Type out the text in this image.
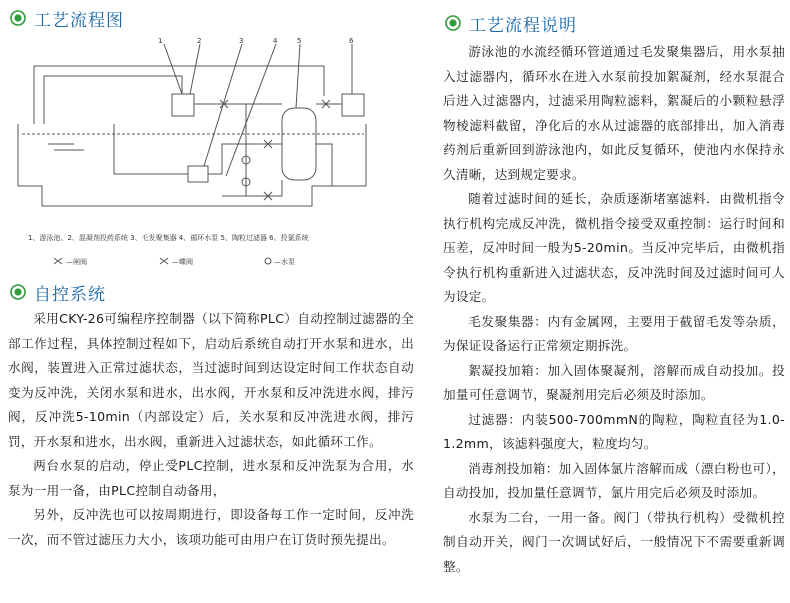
工艺流程图
1	2	3	4	5	6
1、游泳池、2、混凝剂投药系统 3、毛发聚集器 4、循环水泵 5、陶粒过滤器 6、投氯系统
—闸阀	—蝶阀	—水泵
自控系统

采用CKY-26可编程序控制器（以下简称PLC）自动控制过滤器的全部工作过程，具体控制过程如下，启动后系统自动打开水泵和进水，出水阀，装置进入正常过滤状态，当过滤时间到达设定时间工作状态自动变为反冲洗，关闭水泵和进水，出水阀，开水泵和反冲洗进水阀，排污阀，反冲洗5-10min（内部设定）后，关水泵和反冲洗进水阀，排污罚，开水泵和进水，出水阀，重新进入过滤状态，如此循环工作。

两台水泵的启动，停止受PLC控制，进水泵和反冲洗泵为合用，水泵为一用一备，由PLC控制自动备用，

另外，反冲洗也可以按周期进行，即设备每工作一定时间，反冲洗一次，而不管过滤压力大小，该项功能可由用户在订货时预先提出。

工艺流程说明

游泳池的水流经循环管道通过毛发聚集器后，用水泵抽入过滤器内，循环水在进入水泵前投加絮凝剂，经水泵混合后进入过滤器内，过滤采用陶粒滤料，絮凝后的小颗粒悬浮物棱滤料截留，净化后的水从过滤器的底部排出，加入消毒药剂后重新回到游泳池内，如此反复循环，使池内水保持永久清晰，达到规定要求。

随着过滤时间的延长，杂质逐渐堵塞滤料．由微机指令执行机构完成反冲洗，微机指令接受双重控制：运行时间和压差，反冲时间一般为5-20min。当反冲完毕后，由微机指令执行机构重新进入过滤状态，反冲洗时间及过滤时间可人为设定。

毛发聚集器：内有金属网，主要用于截留毛发等杂质，为保证设备运行正常须定期拆洗。

絮凝投加箱：加入固体聚凝剂，溶解而成自动投加。投加量可任意调节，聚凝剂用完后必须及时添加。

过滤器：内装500-700mmN的陶粒，陶粒直径为1.0-1.2mm，该滤料强度大，粒度均匀。

消毒剂投加箱：加入固体氯片溶解而成（漂白粉也可），自动投加，投加量任意调节，氯片用完后必须及时添加。

水泵为二台，一用一备。阀门（带执行机构）受微机控制自动开关，阀门一次调试好后，一般情况下不需要重新调整。
